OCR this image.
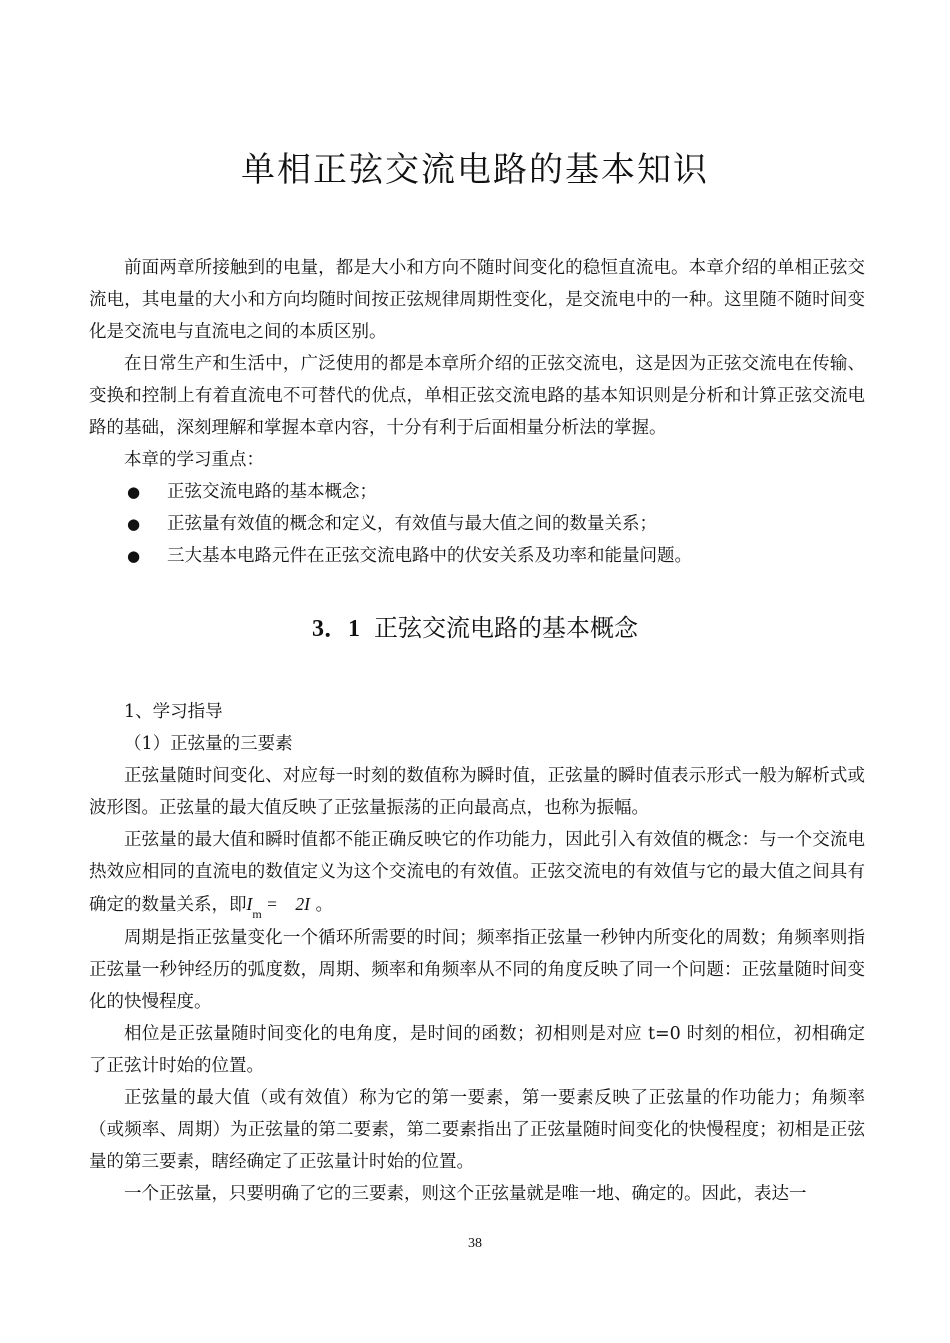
单相正弦交流电路的基本知识

前面两章所接触到的电量，都是大小和方向不随时间变化的稳恒直流电。本章介绍的单相正弦交流电，其电量的大小和方向均随时间按正弦规律周期性变化，是交流电中的一种。这里随不随时间变化是交流电与直流电之间的本质区别。

在日常生产和生活中，广泛使用的都是本章所介绍的正弦交流电，这是因为正弦交流电在传输、变换和控制上有着直流电不可替代的优点，单相正弦交流电路的基本知识则是分析和计算正弦交流电路的基础，深刻理解和掌握本章内容，十分有利于后面相量分析法的掌握。

本章的学习重点：

●	正弦交流电路的基本概念；
●	正弦量有效值的概念和定义，有效值与最大值之间的数量关系；
●	三大基本电路元件在正弦交流电路中的伏安关系及功率和能量问题。
3．1 正弦交流电路的基本概念

1、学习指导

（1）正弦量的三要素

正弦量随时间变化、对应每一时刻的数值称为瞬时值，正弦量的瞬时值表示形式一般为解析式或波形图。正弦量的最大值反映了正弦量振荡的正向最高点，也称为振幅。

正弦量的最大值和瞬时值都不能正确反映它的作功能力，因此引入有效值的概念：与一个交流电热效应相同的直流电的数值定义为这个交流电的有效值。正弦交流电的有效值与它的最大值之间具有确定的数量关系，即$I_m$ =    2I 。

周期是指正弦量变化一个循环所需要的时间；频率指正弦量一秒钟内所变化的周数；角频率则指正弦量一秒钟经历的弧度数，周期、频率和角频率从不同的角度反映了同一个问题：正弦量随时间变化的快慢程度。

相位是正弦量随时间变化的电角度，是时间的函数；初相则是对应 t=0 时刻的相位，初相确定了正弦计时始的位置。

正弦量的最大值（或有效值）称为它的第一要素，第一要素反映了正弦量的作功能力；角频率（或频率、周期）为正弦量的第二要素，第二要素指出了正弦量随时间变化的快慢程度；初相是正弦量的第三要素，瞎经确定了正弦量计时始的位置。

一个正弦量，只要明确了它的三要素，则这个正弦量就是唯一地、确定的。因此，表达一

38
